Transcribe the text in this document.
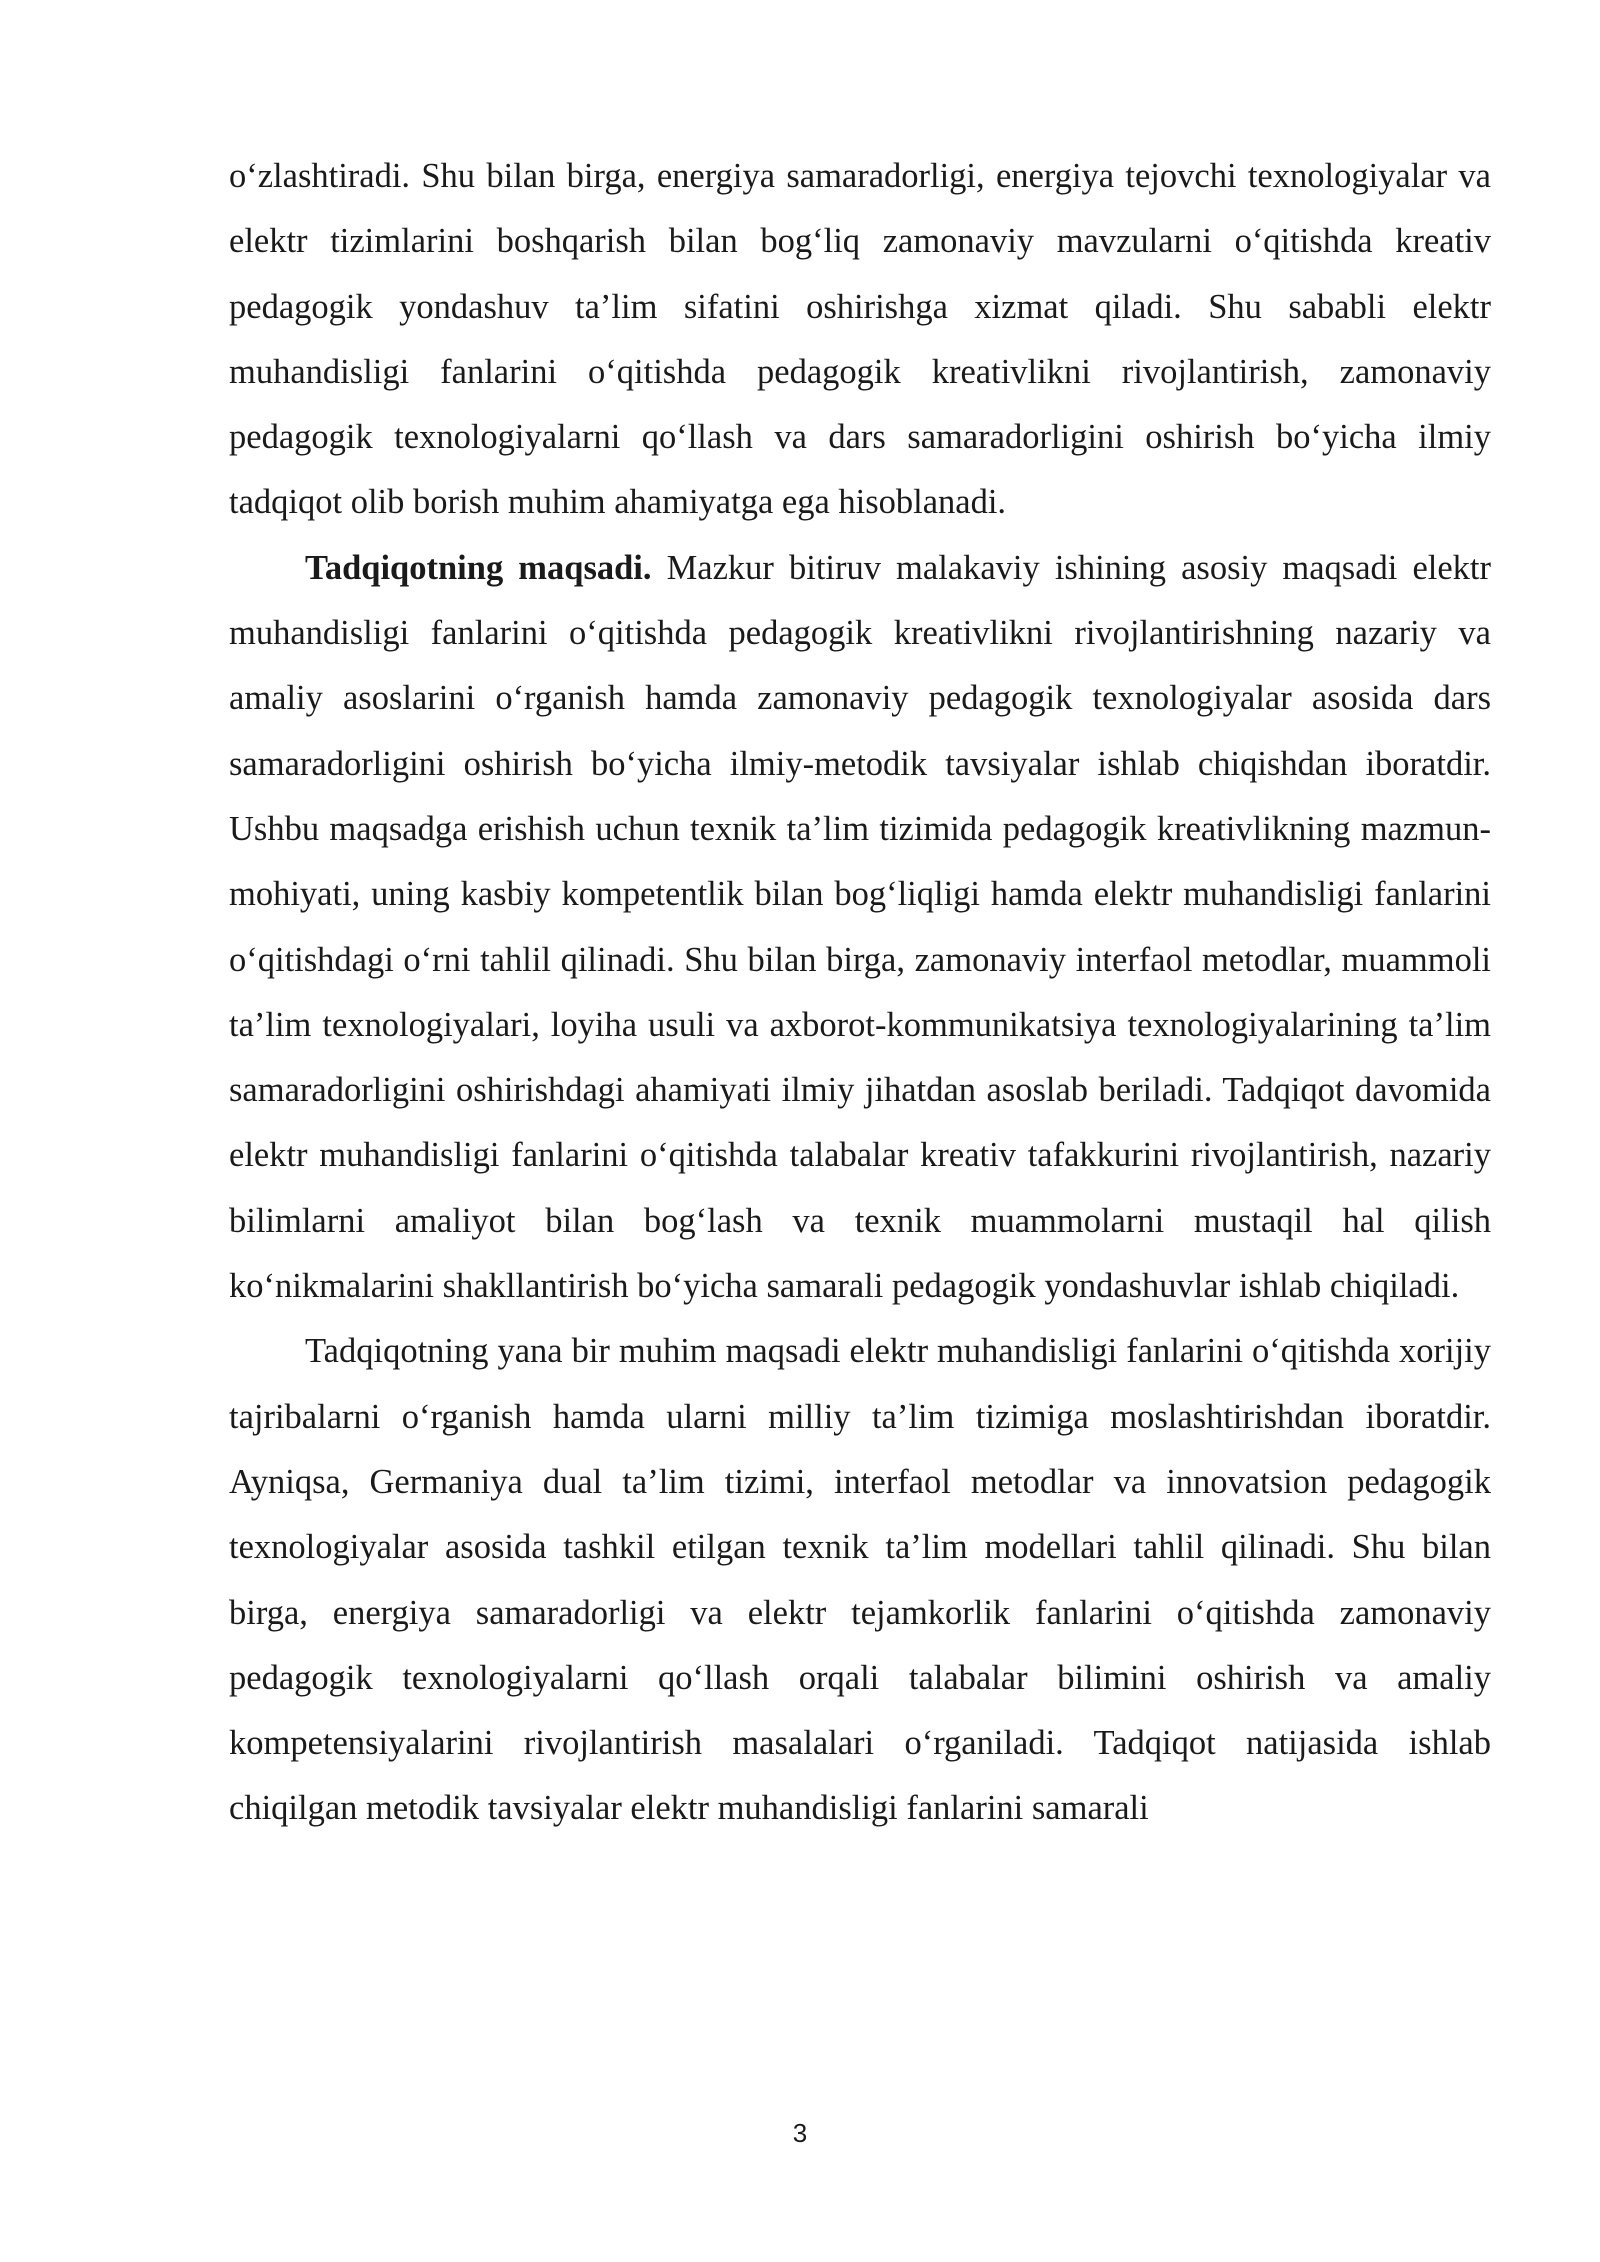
o‘zlashtiradi. Shu bilan birga, energiya samaradorligi, energiya tejovchi texnologiyalar va elektr tizimlarini boshqarish bilan bog‘liq zamonaviy mavzularni o‘qitishda kreativ pedagogik yondashuv ta’lim sifatini oshirishga xizmat qiladi. Shu sababli elektr muhandisligi fanlarini o‘qitishda pedagogik kreativlikni rivojlantirish, zamonaviy pedagogik texnologiyalarni qo‘llash va dars samaradorligini oshirish bo‘yicha ilmiy tadqiqot olib borish muhim ahamiyatga ega hisoblanadi.

Tadqiqotning maqsadi. Mazkur bitiruv malakaviy ishining asosiy maqsadi elektr muhandisligi fanlarini o‘qitishda pedagogik kreativlikni rivojlantirishning nazariy va amaliy asoslarini o‘rganish hamda zamonaviy pedagogik texnologiyalar asosida dars samaradorligini oshirish bo‘yicha ilmiy-metodik tavsiyalar ishlab chiqishdan iboratdir. Ushbu maqsadga erishish uchun texnik ta’lim tizimida pedagogik kreativlikning mazmun-mohiyati, uning kasbiy kompetentlik bilan bog‘liqligi hamda elektr muhandisligi fanlarini o‘qitishdagi o‘rni tahlil qilinadi. Shu bilan birga, zamonaviy interfaol metodlar, muammoli ta’lim texnologiyalari, loyiha usuli va axborot-kommunikatsiya texnologiyalarining ta’lim samaradorligini oshirishdagi ahamiyati ilmiy jihatdan asoslab beriladi. Tadqiqot davomida elektr muhandisligi fanlarini o‘qitishda talabalar kreativ tafakkurini rivojlantirish, nazariy bilimlarni amaliyot bilan bog‘lash va texnik muammolarni mustaqil hal qilish ko‘nikmalarini shakllantirish bo‘yicha samarali pedagogik yondashuvlar ishlab chiqiladi.

Tadqiqotning yana bir muhim maqsadi elektr muhandisligi fanlarini o‘qitishda xorijiy tajribalarni o‘rganish hamda ularni milliy ta’lim tizimiga moslashtirishdan iboratdir. Ayniqsa, Germaniya dual ta’lim tizimi, interfaol metodlar va innovatsion pedagogik texnologiyalar asosida tashkil etilgan texnik ta’lim modellari tahlil qilinadi. Shu bilan birga, energiya samaradorligi va elektr tejamkorlik fanlarini o‘qitishda zamonaviy pedagogik texnologiyalarni qo‘llash orqali talabalar bilimini oshirish va amaliy kompetensiyalarini rivojlantirish masalalari o‘rganiladi. Tadqiqot natijasida ishlab chiqilgan metodik tavsiyalar elektr muhandisligi fanlarini samarali

3
